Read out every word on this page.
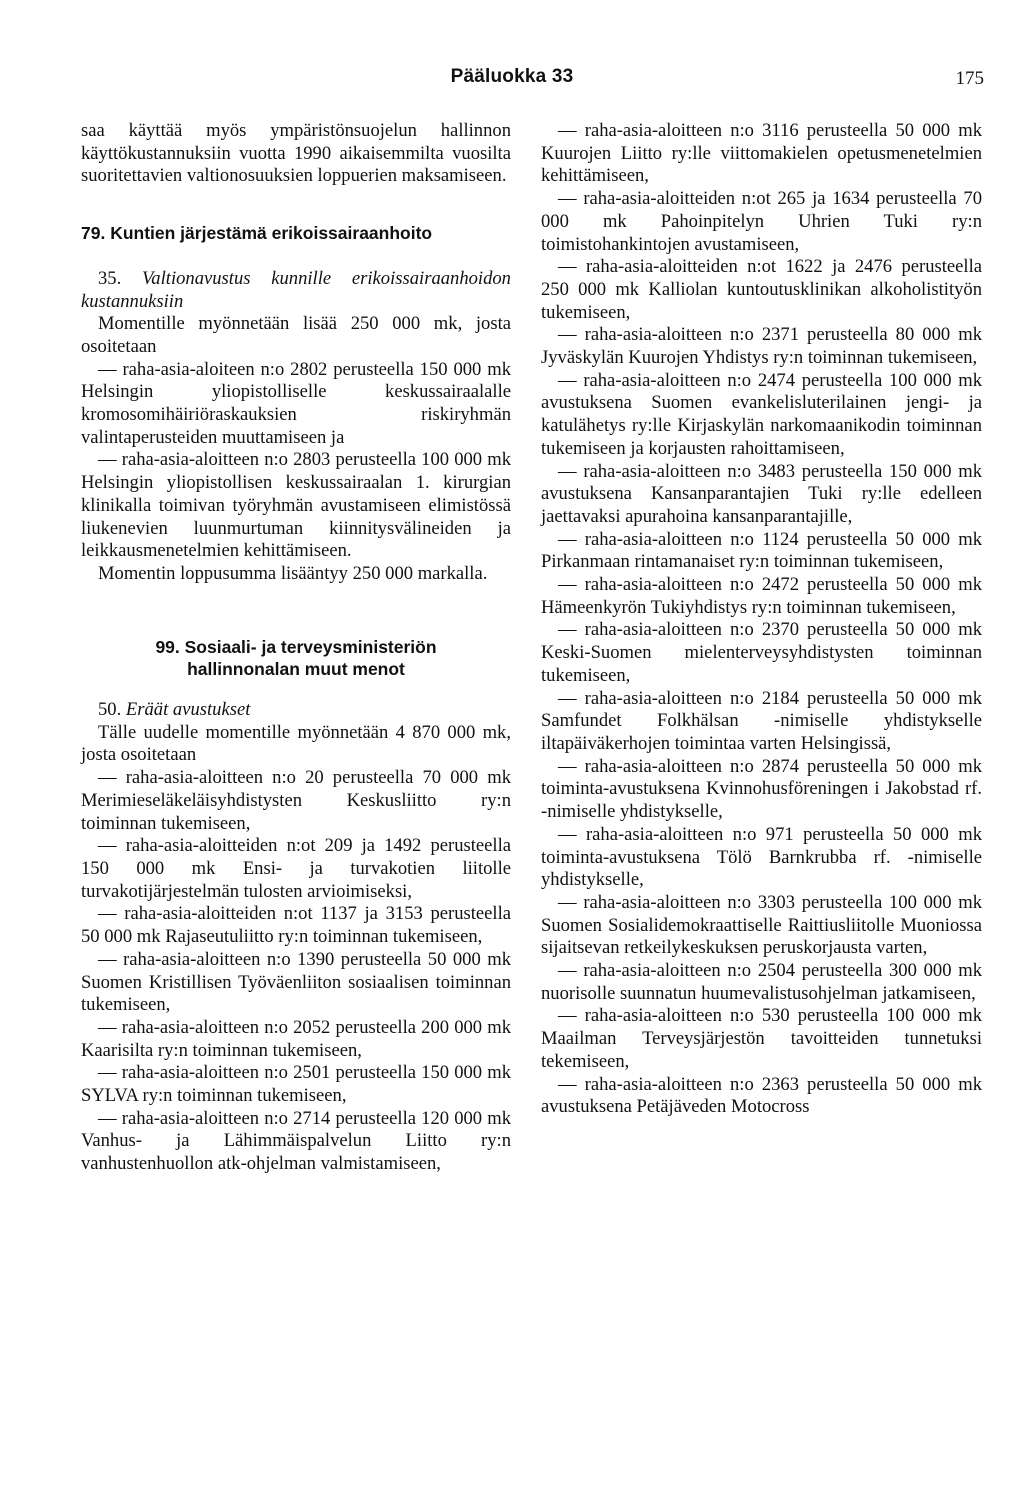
Pääluokka 33	175

saa käyttää myös ympäristönsuojelun hallinnon käyttökustannuksiin vuotta 1990 aikaisemmilta vuosilta suoritettavien valtionosuuksien loppuerien maksamiseen.

79. Kuntien järjestämä erikoissairaanhoito

35. Valtionavustus kunnille erikoissairaanhoidon kustannuksiin

Momentille myönnetään lisää 250 000 mk, josta osoitetaan

— raha-asia-aloiteen n:o 2802 perusteella 150 000 mk Helsingin yliopistolliselle keskussairaalalle kromosomihäiriöraskauksien riskiryhmän valintaperusteiden muuttamiseen ja

— raha-asia-aloitteen n:o 2803 perusteella 100 000 mk Helsingin yliopistollisen keskussairaalan 1. kirurgian klinikalla toimivan työryhmän avustamiseen elimistössä liukenevien luunmurtuman kiinnitysvälineiden ja leikkausmenetelmien kehittämiseen.

Momentin loppusumma lisääntyy 250 000 markalla.

99. Sosiaali- ja terveysministeriön

hallinnonalan muut menot

50. Eräät avustukset

Tälle uudelle momentille myönnetään 4 870 000 mk, josta osoitetaan

— raha-asia-aloitteen n:o 20 perusteella 70 000 mk Merimieseläkeläisyhdistysten Keskusliitto ry:n toiminnan tukemiseen,

— raha-asia-aloitteiden n:ot 209 ja 1492 perusteella 150 000 mk Ensi- ja turvakotien liitolle turvakotijärjestelmän tulosten arvioimiseksi,

— raha-asia-aloitteiden n:ot 1137 ja 3153 perusteella 50 000 mk Rajaseutuliitto ry:n toiminnan tukemiseen,

— raha-asia-aloitteen n:o 1390 perusteella 50 000 mk Suomen Kristillisen Työväenliiton sosiaalisen toiminnan tukemiseen,

— raha-asia-aloitteen n:o 2052 perusteella 200 000 mk Kaarisilta ry:n toiminnan tukemiseen,

— raha-asia-aloitteen n:o 2501 perusteella 150 000 mk SYLVA ry:n toiminnan tukemiseen,

— raha-asia-aloitteen n:o 2714 perusteella 120 000 mk Vanhus- ja Lähimmäispalvelun Liitto ry:n vanhustenhuollon atk-ohjelman valmistamiseen,

— raha-asia-aloitteen n:o 3116 perusteella 50 000 mk Kuurojen Liitto ry:lle viittomakielen opetusmenetelmien kehittämiseen,

— raha-asia-aloitteiden n:ot 265 ja 1634 perusteella 70 000 mk Pahoinpitelyn Uhrien Tuki ry:n toimistohankintojen avustamiseen,

— raha-asia-aloitteiden n:ot 1622 ja 2476 perusteella 250 000 mk Kalliolan kuntoutusklinikan alkoholistityön tukemiseen,

— raha-asia-aloitteen n:o 2371 perusteella 80 000 mk Jyväskylän Kuurojen Yhdistys ry:n toiminnan tukemiseen,

— raha-asia-aloitteen n:o 2474 perusteella 100 000 mk avustuksena Suomen evankelisluterilainen jengi- ja katulähetys ry:lle Kirjaskylän narkomaanikodin toiminnan tukemiseen ja korjausten rahoittamiseen,

— raha-asia-aloitteen n:o 3483 perusteella 150 000 mk avustuksena Kansanparantajien Tuki ry:lle edelleen jaettavaksi apurahoina kansanparantajille,

— raha-asia-aloitteen n:o 1124 perusteella 50 000 mk Pirkanmaan rintamanaiset ry:n toiminnan tukemiseen,

— raha-asia-aloitteen n:o 2472 perusteella 50 000 mk Hämeenkyrön Tukiyhdistys ry:n toiminnan tukemiseen,

— raha-asia-aloitteen n:o 2370 perusteella 50 000 mk Keski-Suomen mielenterveysyhdistysten toiminnan tukemiseen,

— raha-asia-aloitteen n:o 2184 perusteella 50 000 mk Samfundet Folkhälsan -nimiselle yhdistykselle iltapäiväkerhojen toimintaa varten Helsingissä,

— raha-asia-aloitteen n:o 2874 perusteella 50 000 mk toiminta-avustuksena Kvinnohusföreningen i Jakobstad rf. -nimiselle yhdistykselle,

— raha-asia-aloitteen n:o 971 perusteella 50 000 mk toiminta-avustuksena Tölö Barnkrubba rf. -nimiselle yhdistykselle,

— raha-asia-aloitteen n:o 3303 perusteella 100 000 mk Suomen Sosialidemokraattiselle Raittiusliitolle Muoniossa sijaitsevan retkeilykeskuksen peruskorjausta varten,

— raha-asia-aloitteen n:o 2504 perusteella 300 000 mk nuorisolle suunnatun huumevalistusohjelman jatkamiseen,

— raha-asia-aloitteen n:o 530 perusteella 100 000 mk Maailman Terveysjärjestön tavoitteiden tunnetuksi tekemiseen,

— raha-asia-aloitteen n:o 2363 perusteella 50 000 mk avustuksena Petäjäveden Motocross
